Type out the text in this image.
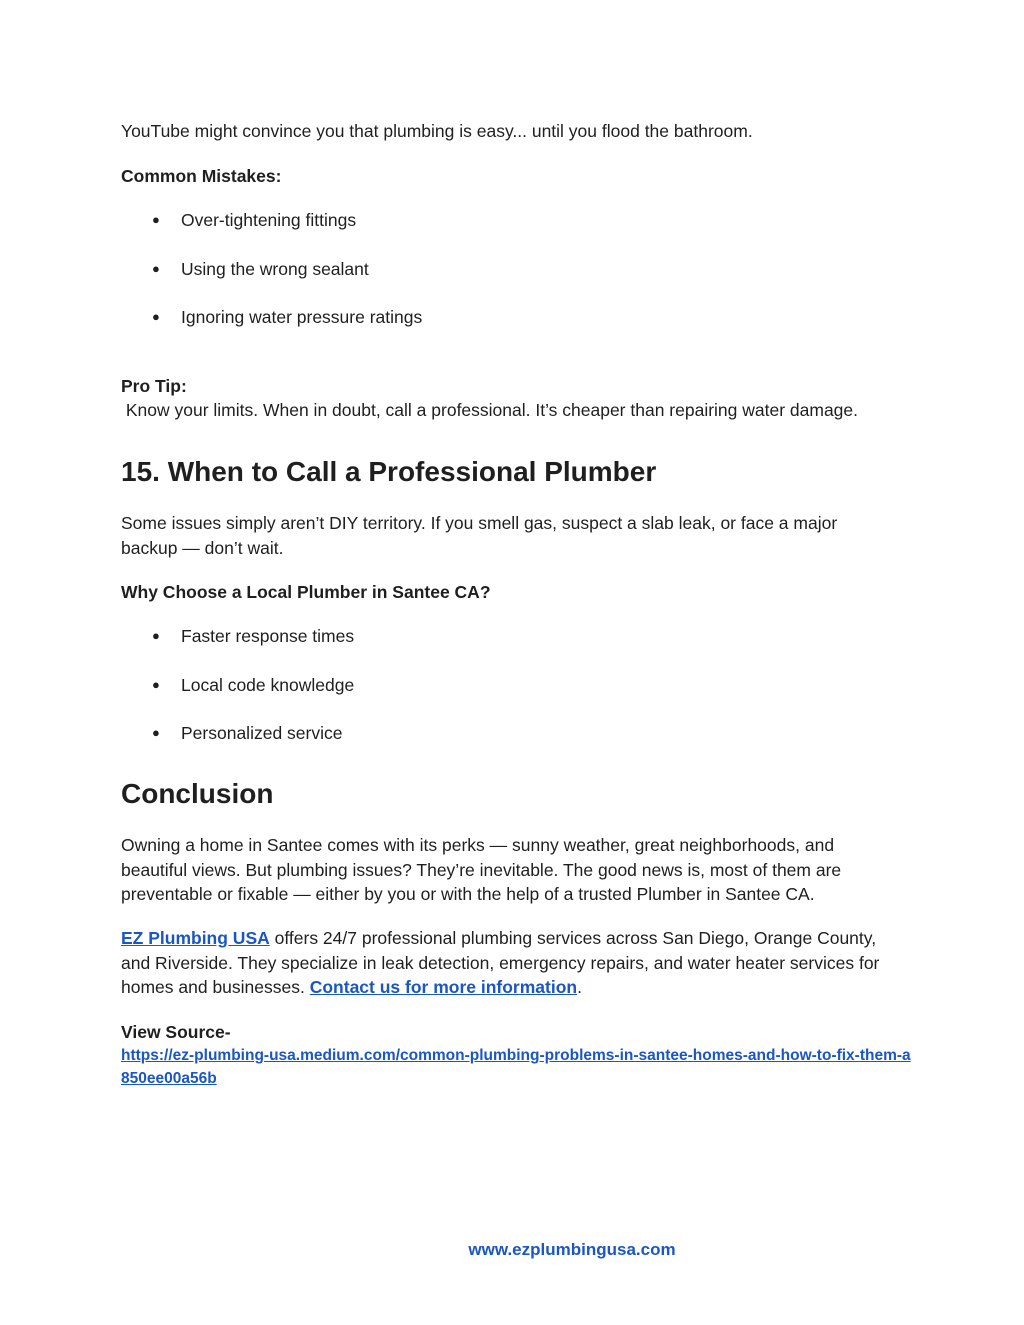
YouTube might convince you that plumbing is easy... until you flood the bathroom.

Common Mistakes:

● Over-tightening fittings
● Using the wrong sealant
● Ignoring water pressure ratings

Pro Tip:

Know your limits. When in doubt, call a professional. It’s cheaper than repairing water damage.

15. When to Call a Professional Plumber

Some issues simply aren’t DIY territory. If you smell gas, suspect a slab leak, or face a major backup — don’t wait.

Why Choose a Local Plumber in Santee CA?

● Faster response times
● Local code knowledge
● Personalized service
Conclusion

Owning a home in Santee comes with its perks — sunny weather, great neighborhoods, and beautiful views. But plumbing issues? They’re inevitable. The good news is, most of them are preventable or fixable — either by you or with the help of a trusted Plumber in Santee CA.

EZ Plumbing USA offers 24/7 professional plumbing services across San Diego, Orange County, and Riverside. They specialize in leak detection, emergency repairs, and water heater services for homes and businesses. Contact us for more information.

View Source-

https://ez-plumbing-usa.medium.com/common-plumbing-problems-in-santee-homes-and-how-to-fix-them-a850ee00a56b
www.ezplumbingusa.com
